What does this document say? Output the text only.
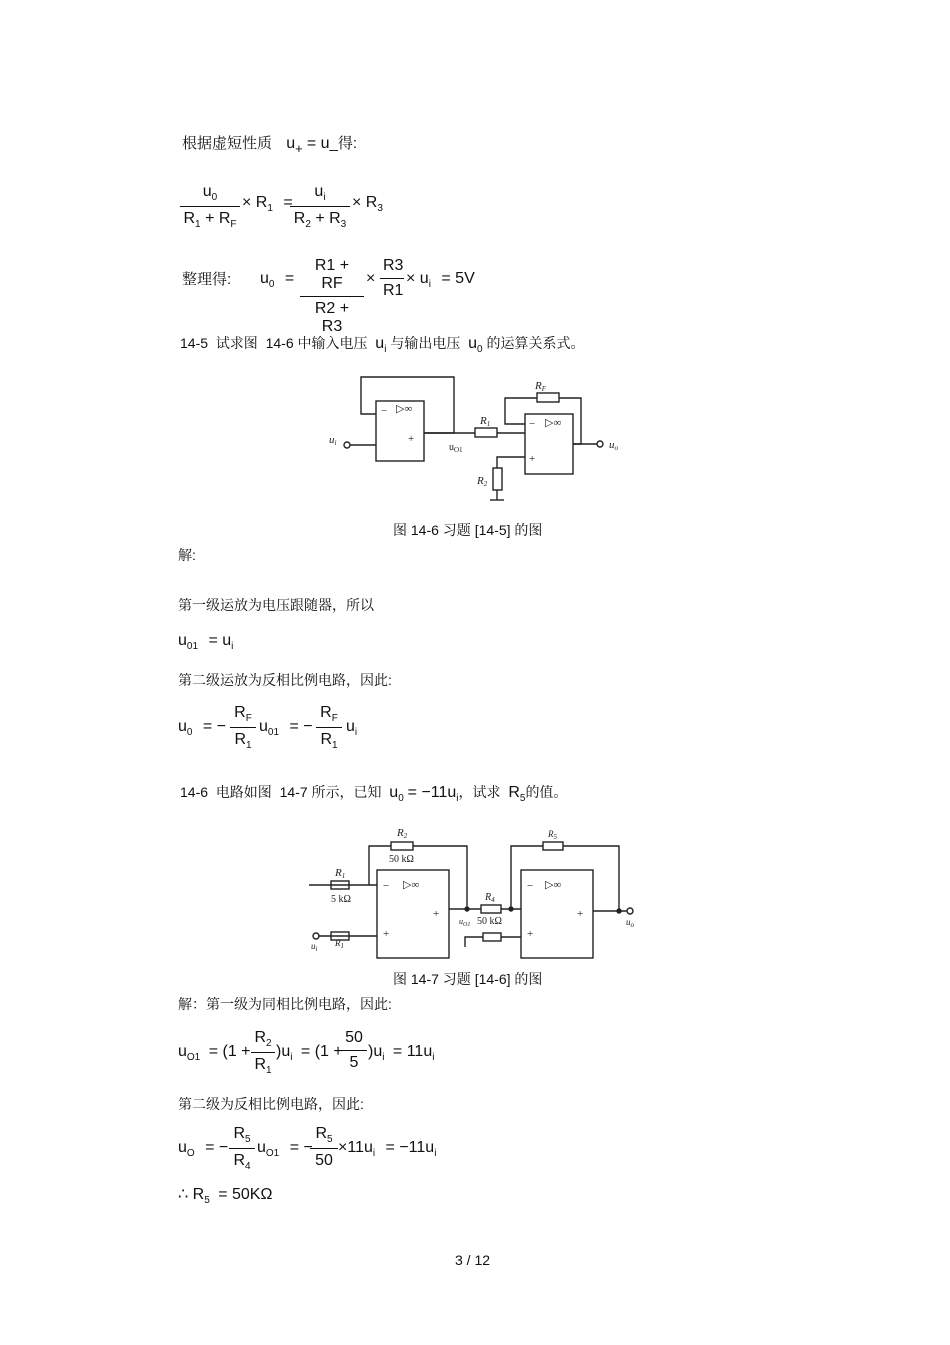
根据虚短性质 u+ = u_得:
$\frac{u_0}{R_1 + R_F} \times R_1$ =
$\frac{u_i}{R_2 + R_3} \times R_3$
整理得: $u_0 = \frac{R1 + RF}{R2 + R3} \times \frac{R3}{R1} \times u_i = 5V$
14-5 试求图 14-6 中输入电压 $u_i$ 与输出电压 $u_0$ 的运算关系式。
−
+
▷∞
−
+
▷∞
ui	$u_{O1}$
R1
RF
R2
uo
图 14-6 习题 [14-5] 的图
解:
第一级运放为电压跟随器，所以
$u_{01} = u_i$
第二级运放为反相比例电路，因此:
$u_0$ = − $\frac{R_F}{R_1} u_{01}$ = − $\frac{R_F}{R_1} u_i$
14-6 电路如图 14-7 所示，已知 $u_0 = -11u_i$，试求 $R_5$的值。
−
+
+
▷∞	−
+
+
▷∞
R2
50 kΩ
R1
5 kΩ
$R_1$
$u_i$
$R_4$
50 kΩ
$u_{O1}$
$R_5$
$u_o$
图 14-7 习题 [14-6] 的图
解：第一级为同相比例电路，因此:
$u_{O1} = (1 + \frac{R_2}{R_1} )u_i = (1$ +
$\frac{50}{5} )u_i = 11u_i$
第二级为反相比例电路，因此:
$u_O$ = − $\frac{R_5}{R_4} u_{O1}$ = −
$\frac{R_5}{50} \times 11u_i = -11u_i$
∴ $R_5 = 50K\Omega$
3 / 12
